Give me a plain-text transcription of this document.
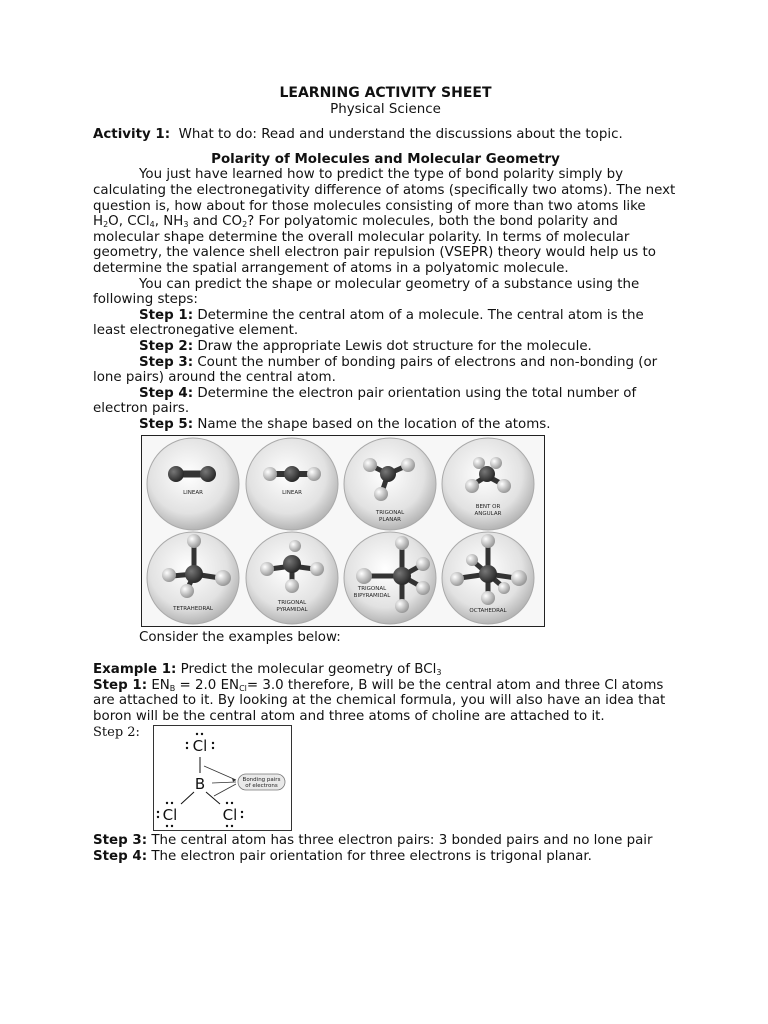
LEARNING ACTIVITY SHEET
Physical Science
Activity 1: What to do: Read and understand the discussions about the topic.
Polarity of Molecules and Molecular Geometry
You just have learned how to predict the type of bond polarity simply by calculating the electronegativity difference of atoms (specifically two atoms). The next question is, how about for those molecules consisting of more than two atoms like $H_2O$, CCl$_4$, $NH_3$ and $CO_2$? For polyatomic molecules, both the bond polarity and molecular shape determine the overall molecular polarity. In terms of molecular geometry, the valence shell electron pair repulsion (VSEPR) theory would help us to determine the spatial arrangement of atoms in a polyatomic molecule.
You can predict the shape or molecular geometry of a substance using the following steps:
Step 1: Determine the central atom of a molecule. The central atom is the least electronegative element.
Step 2: Draw the appropriate Lewis dot structure for the molecule.
Step 3: Count the number of bonding pairs of electrons and non-bonding (or lone pairs) around the central atom.
Step 4: Determine the electron pair orientation using the total number of electron pairs.
Step 5: Name the shape based on the location of the atoms.
LINEAR	LINEAR
TRIGONAL
PLANAR
BENT OR
ANGULAR
TETRAHEDRAL
TRIGONAL
PYRAMIDAL
TRIGONAL
BIPYRAMIDAL
OCTAHEDRAL
Consider the examples below:
Example 1: Predict the molecular geometry of BCl$_3$
Step 1: $EN_B = 2.0$ $EN_{Cl}= 3.0$ therefore, B will be the central atom and three Cl atoms are attached to it. By looking at the chemical formula, you will also have an idea that boron will be the central atom and three atoms of choline are attached to it.
Step 2:
Cl
B
Cl	Cl
Bonding pairs
of electrons
Step 3: The central atom has three electron pairs: 3 bonded pairs and no lone pair
Step 4: The electron pair orientation for three electrons is trigonal planar.
